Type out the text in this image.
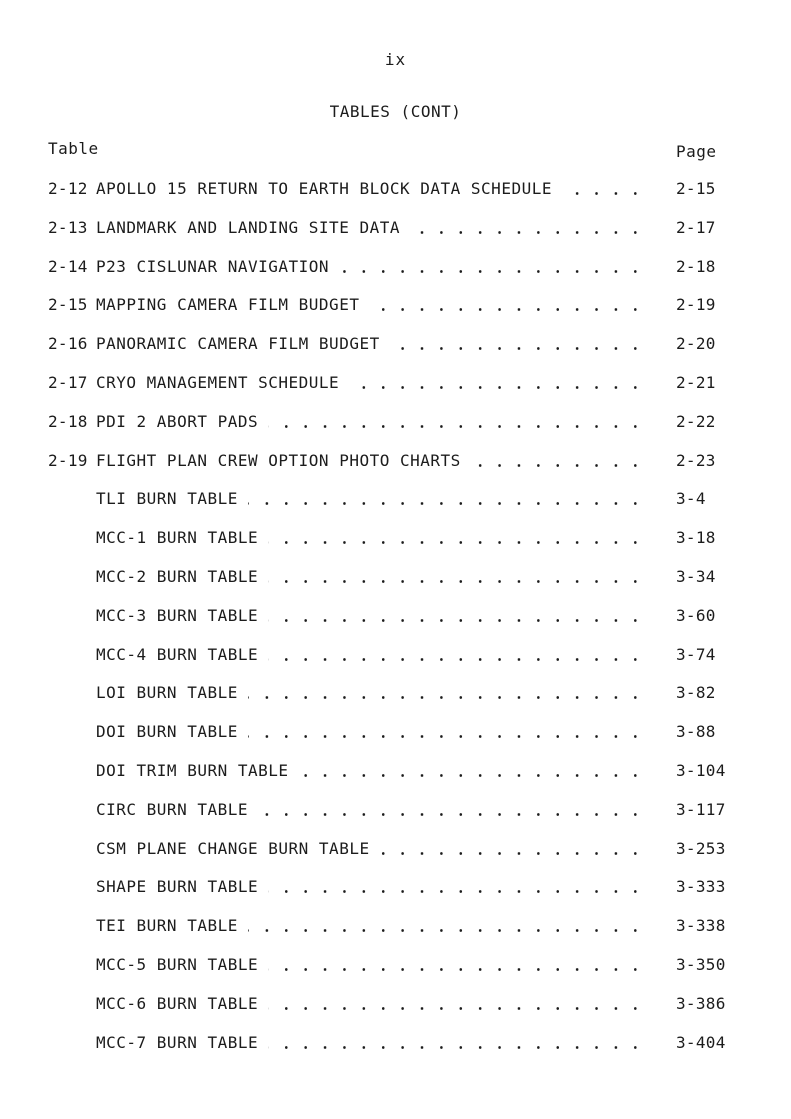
ix
TABLES (CONT)
Table	Page
2-12 APOLLO 15 RETURN TO EARTH BLOCK DATA SCHEDULE	2-15
2-13 LANDMARK AND LANDING SITE DATA	2-17
2-14 P23 CISLUNAR NAVIGATION	2-18
2-15 MAPPING CAMERA FILM BUDGET	2-19
2-16 PANORAMIC CAMERA FILM BUDGET	2-20
2-17 CRYO MANAGEMENT SCHEDULE	2-21
2-18 PDI 2 ABORT PADS	2-22
2-19 FLIGHT PLAN CREW OPTION PHOTO CHARTS	2-23
TLI BURN TABLE	3-4
MCC-1 BURN TABLE	3-18
MCC-2 BURN TABLE	3-34
MCC-3 BURN TABLE	3-60
MCC-4 BURN TABLE	3-74
LOI BURN TABLE	3-82
DOI BURN TABLE	3-88
DOI TRIM BURN TABLE	3-104
CIRC BURN TABLE	3-117
CSM PLANE CHANGE BURN TABLE	3-253
SHAPE BURN TABLE	3-333
TEI BURN TABLE	3-338
MCC-5 BURN TABLE	3-350
MCC-6 BURN TABLE	3-386
MCC-7 BURN TABLE	3-404
